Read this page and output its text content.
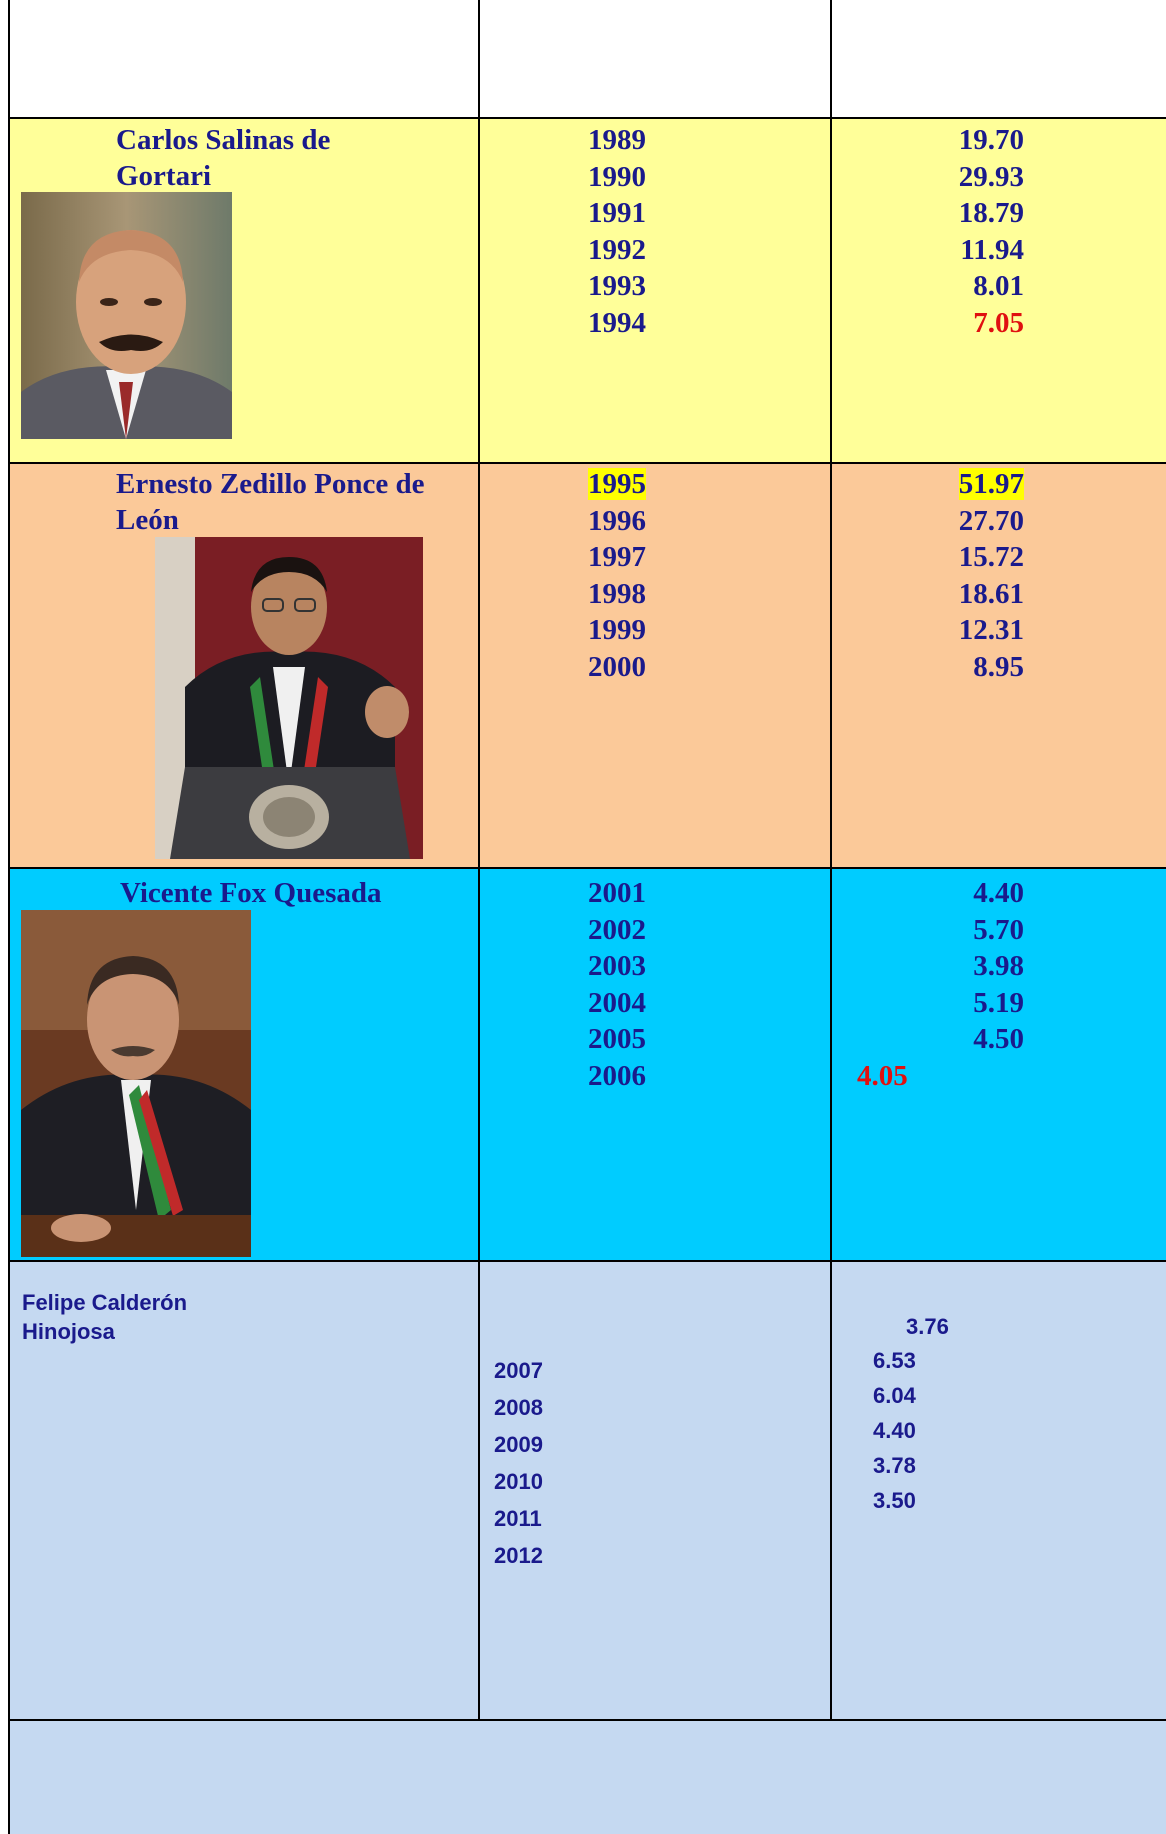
Carlos Salinas de
Gortari
1989
1990
1991
1992
1993
1994
19.70
29.93
18.79
11.94
8.01
7.05
Ernesto Zedillo Ponce de
León
1995
1996
1997
1998
1999
2000
51.97
27.70
15.72
18.61
12.31
8.95
Vicente Fox Quesada	2001
2002
2003
2004
2005
2006
4.40
5.70
3.98
5.19
4.50
4.05
Felipe Calderón
Hinojosa
2007
2008
2009
2010
2011
2012
3.76
6.53
6.04
4.40
3.78
3.50
